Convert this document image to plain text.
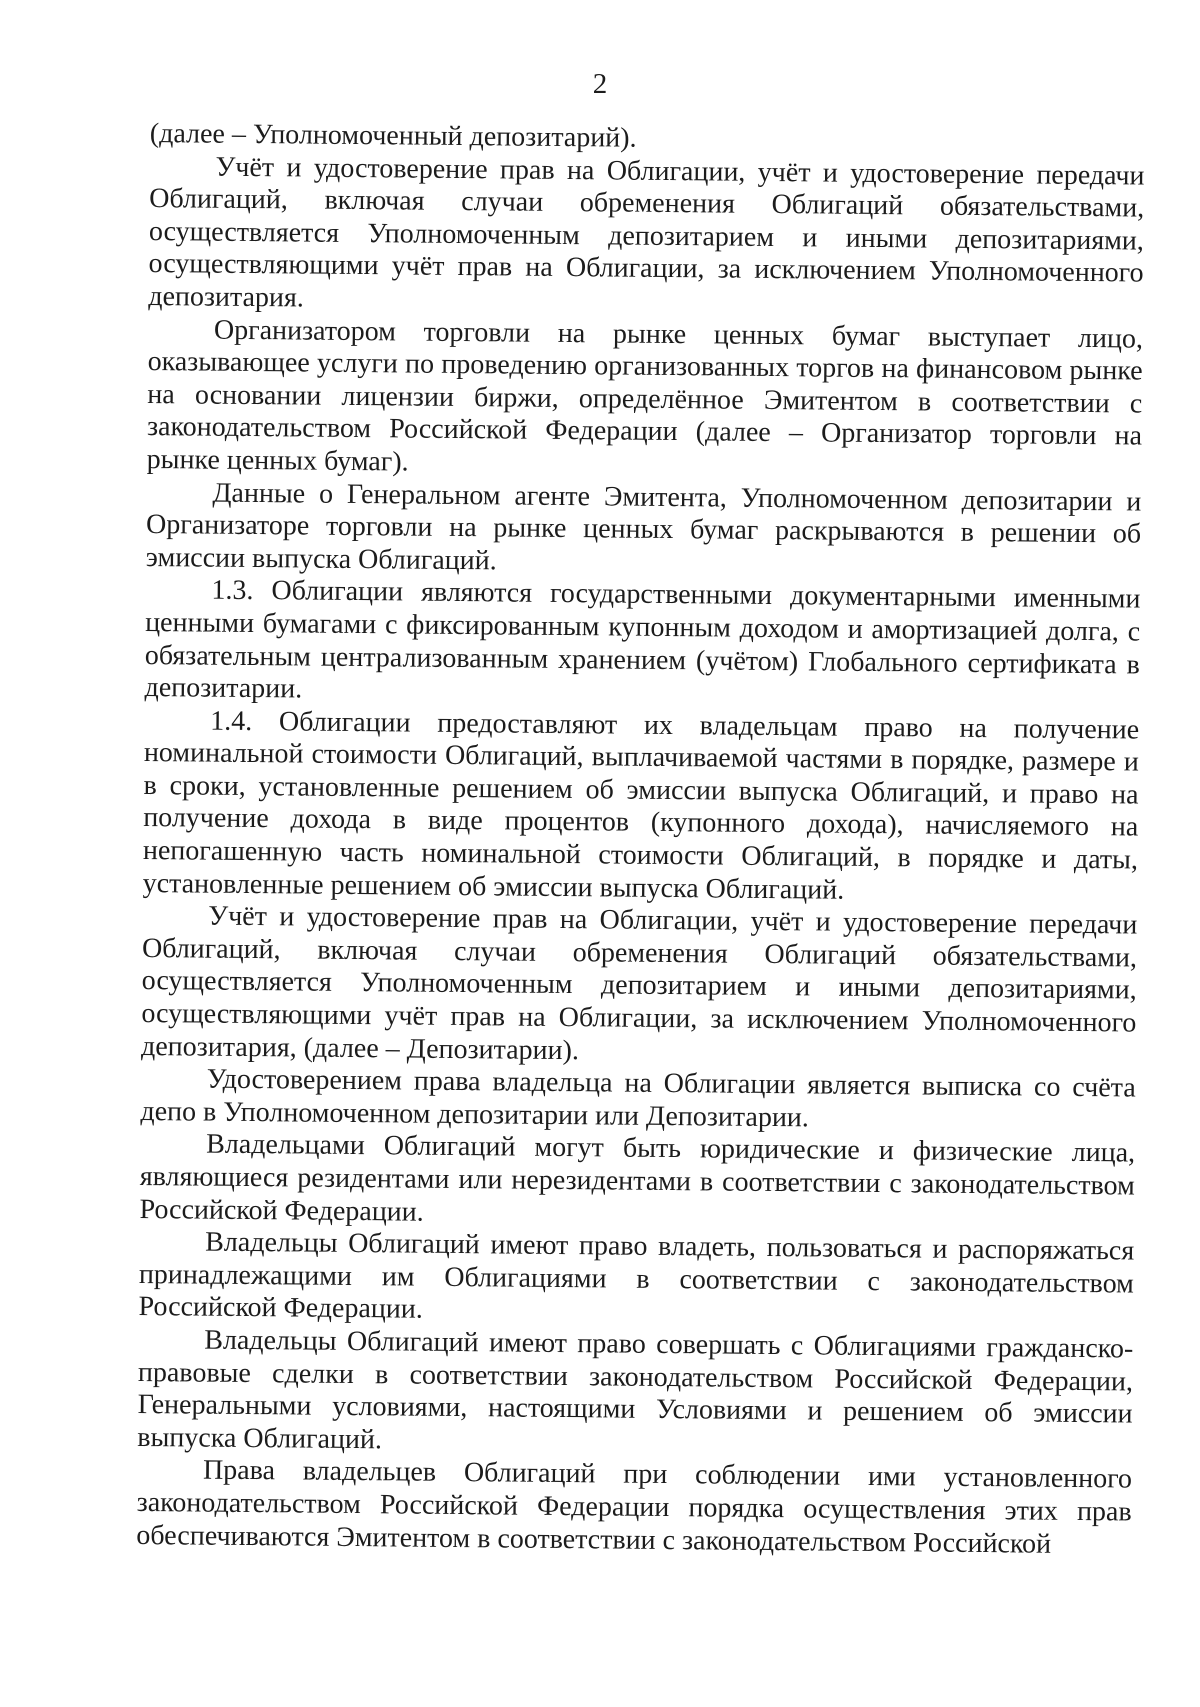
2

(далее – Уполномоченный депозитарий).

Учёт и удостоверение прав на Облигации, учёт и удостоверение передачи Облигаций, включая случаи обременения Облигаций обязательствами, осуществляется Уполномоченным депозитарием и иными депозитариями, осуществляющими учёт прав на Облигации, за исключением Уполномоченного депозитария.

Организатором торговли на рынке ценных бумаг выступает лицо, оказывающее услуги по проведению организованных торгов на финансовом рынке на основании лицензии биржи, определённое Эмитентом в соответствии с законодательством Российской Федерации (далее – Организатор торговли на рынке ценных бумаг).

Данные о Генеральном агенте Эмитента, Уполномоченном депозитарии и Организаторе торговли на рынке ценных бумаг раскрываются в решении об эмиссии выпуска Облигаций.

1.3. Облигации являются государственными документарными именными ценными бумагами с фиксированным купонным доходом и амортизацией долга, с обязательным централизованным хранением (учётом) Глобального сертификата в депозитарии.

1.4. Облигации предоставляют их владельцам право на получение номинальной стоимости Облигаций, выплачиваемой частями в порядке, размере и в сроки, установленные решением об эмиссии выпуска Облигаций, и право на получение дохода в виде процентов (купонного дохода), начисляемого на непогашенную часть номинальной стоимости Облигаций, в порядке и даты, установленные решением об эмиссии выпуска Облигаций.

Учёт и удостоверение прав на Облигации, учёт и удостоверение передачи Облигаций, включая случаи обременения Облигаций обязательствами, осуществляется Уполномоченным депозитарием и иными депозитариями, осуществляющими учёт прав на Облигации, за исключением Уполномоченного депозитария, (далее – Депозитарии).

Удостоверением права владельца на Облигации является выписка со счёта депо в Уполномоченном депозитарии или Депозитарии.

Владельцами Облигаций могут быть юридические и физические лица, являющиеся резидентами или нерезидентами в соответствии с законодательством Российской Федерации.

Владельцы Облигаций имеют право владеть, пользоваться и распоряжаться принадлежащими им Облигациями в соответствии с законодательством Российской Федерации.

Владельцы Облигаций имеют право совершать с Облигациями гражданско-правовые сделки в соответствии законодательством Российской Федерации, Генеральными условиями, настоящими Условиями и решением об эмиссии выпуска Облигаций.

Права владельцев Облигаций при соблюдении ими установленного законодательством Российской Федерации порядка осуществления этих прав обеспечиваются Эмитентом в соответствии с законодательством Российской
